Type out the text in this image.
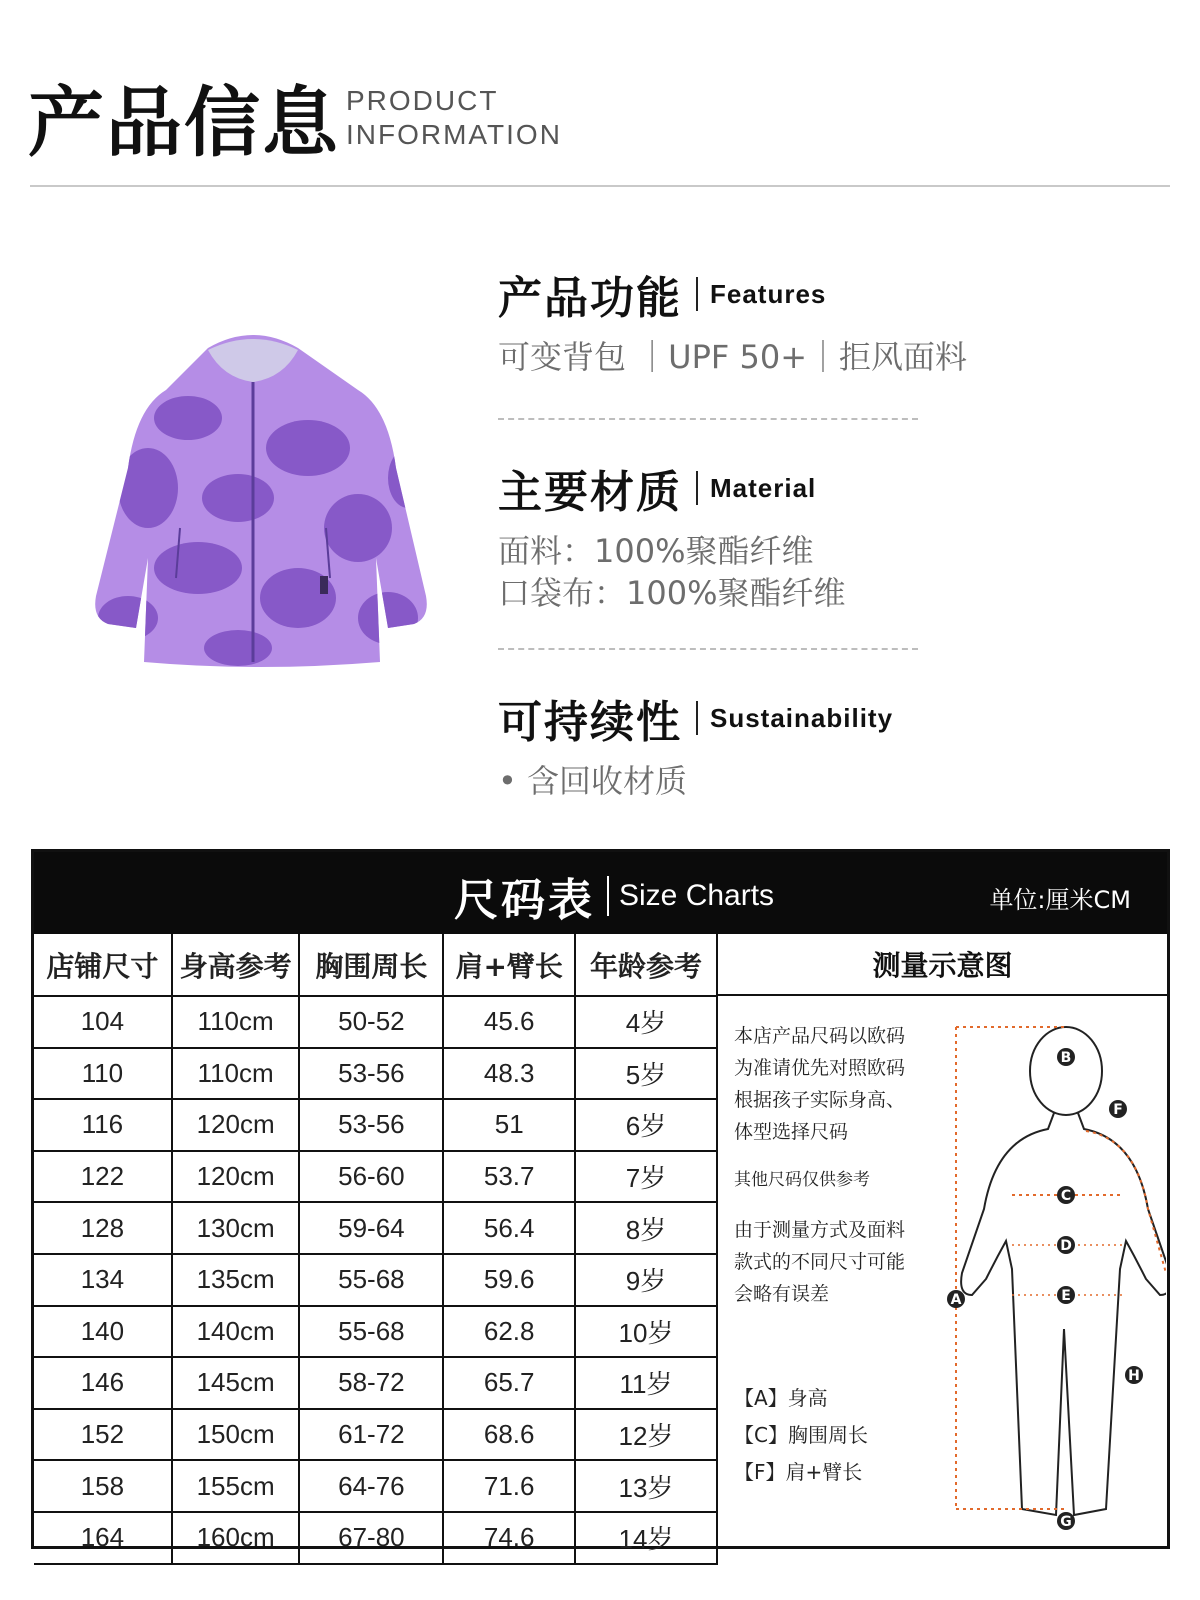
产品信息 PRODUCT
INFORMATION
产品功能 Features
可变背包 ｜UPF 50+｜拒风面料
主要材质 Material
面料：100%聚酯纤维
口袋布：100%聚酯纤维
可持续性 Sustainability
• 含回收材质
尺码表 Size Charts	单位:厘米CM
店铺尺寸	身高参考	胸围周长	肩+臂长	年龄参考
104	110cm	50-52	45.6	4岁
110	110cm	53-56	48.3	5岁
116	120cm	53-56	51	6岁
122	120cm	56-60	53.7	7岁
128	130cm	59-64	56.4	8岁
134	135cm	55-68	59.6	9岁
140	140cm	55-68	62.8	10岁
146	145cm	58-72	65.7	11岁
152	150cm	61-72	68.6	12岁
158	155cm	64-76	71.6	13岁
164	160cm	67-80	74.6	14岁
测量示意图
本店产品尺码以欧码
为准请优先对照欧码
根据孩子实际身高、
体型选择尺码
其他尺码仅供参考
由于测量方式及面料
款式的不同尺寸可能
会略有误差
【A】身高
【C】胸围周长
【F】肩+臂长
A
B
C
D
E
F
G
H
